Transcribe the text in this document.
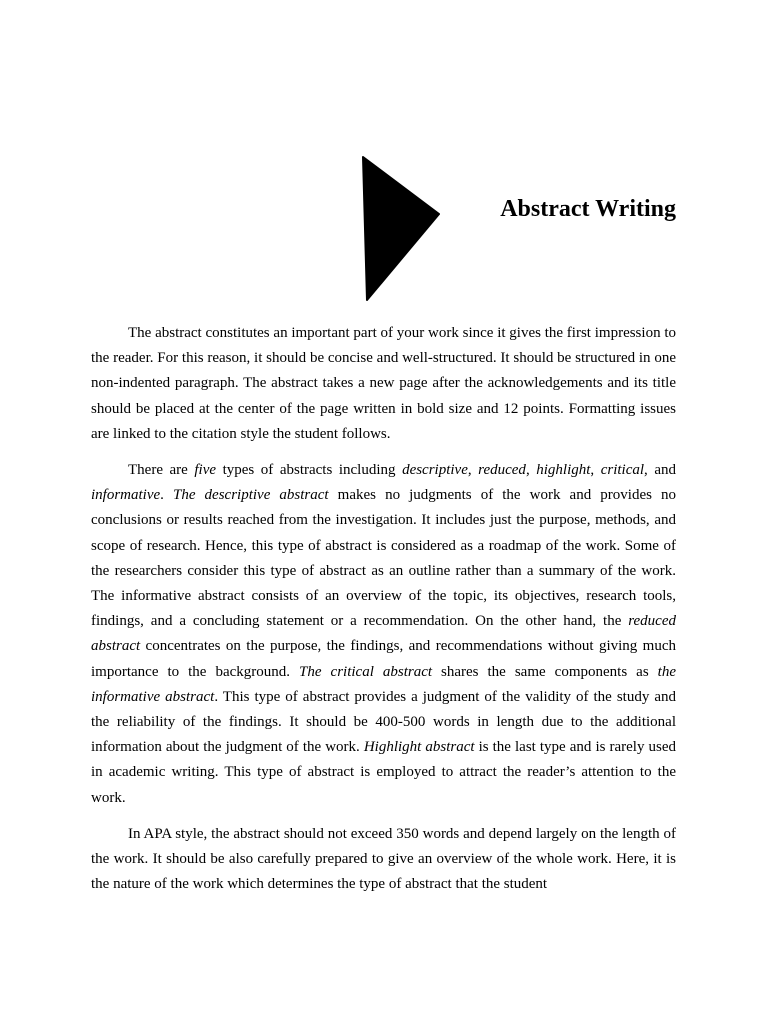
Abstract Writing

The abstract constitutes an important part of your work since it gives the first impression to the reader. For this reason, it should be concise and well-structured. It should be structured in one non-indented paragraph. The abstract takes a new page after the acknowledgements and its title should be placed at the center of the page written in bold size and 12 points. Formatting issues are linked to the citation style the student follows.

There are five types of abstracts including descriptive, reduced, highlight, critical, and informative. The descriptive abstract makes no judgments of the work and provides no conclusions or results reached from the investigation. It includes just the purpose, methods, and scope of research. Hence, this type of abstract is considered as a roadmap of the work. Some of the researchers consider this type of abstract as an outline rather than a summary of the work. The informative abstract consists of an overview of the topic, its objectives, research tools, findings, and a concluding statement or a recommendation. On the other hand, the reduced abstract concentrates on the purpose, the findings, and recommendations without giving much importance to the background. The critical abstract shares the same components as the informative abstract. This type of abstract provides a judgment of the validity of the study and the reliability of the findings. It should be 400-500 words in length due to the additional information about the judgment of the work. Highlight abstract is the last type and is rarely used in academic writing. This type of abstract is employed to attract the reader’s attention to the work.

In APA style, the abstract should not exceed 350 words and depend largely on the length of the work. It should be also carefully prepared to give an overview of the whole work. Here, it is the nature of the work which determines the type of abstract that the student
